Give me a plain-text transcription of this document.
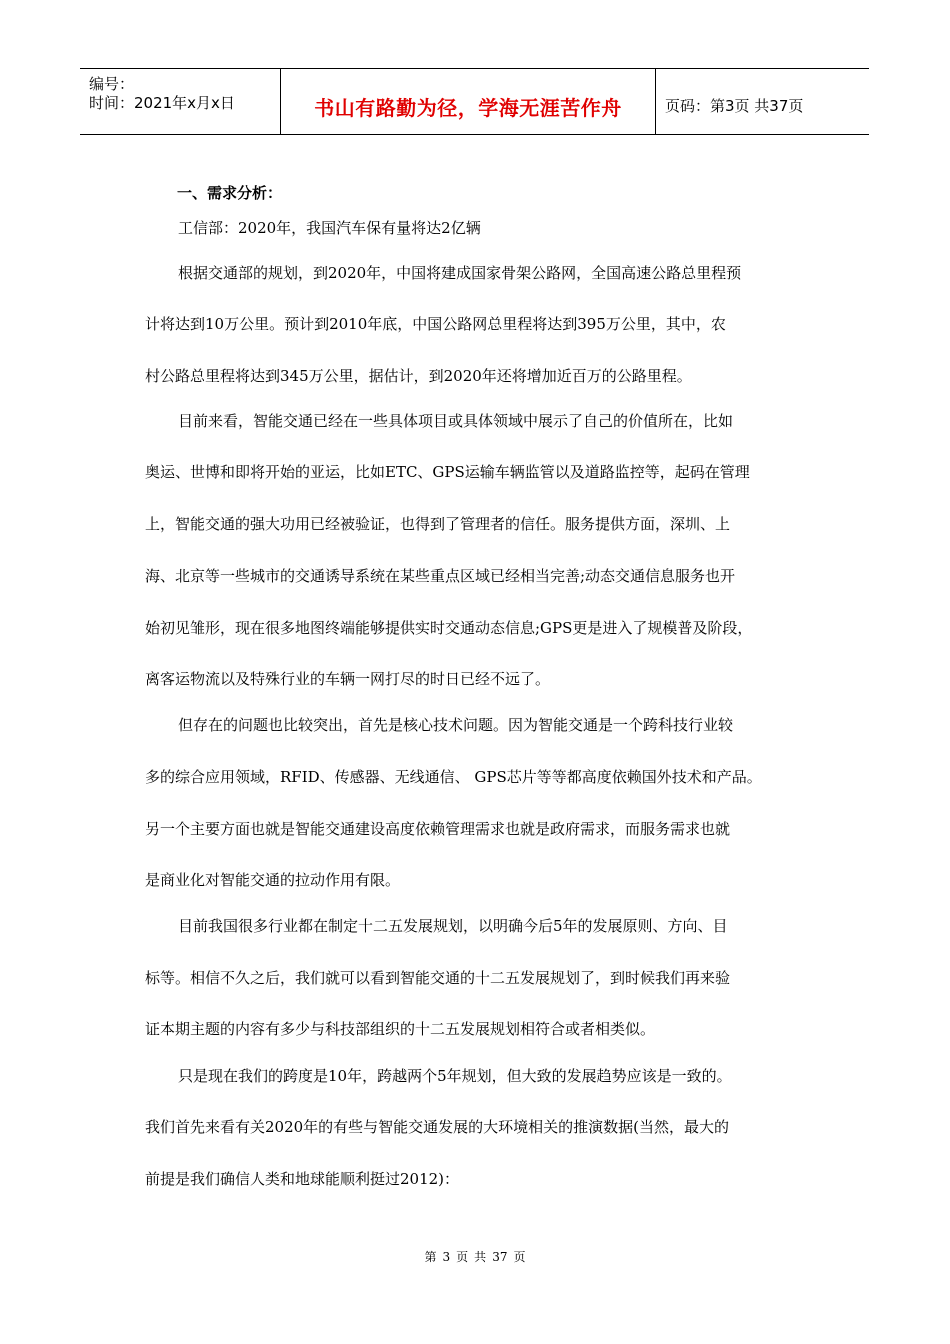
编号：
时间：2021年x月x日	书山有路勤为径，学海无涯苦作舟	页码：第3页 共37页
一、需求分析：
工信部：2020年，我国汽车保有量将达2亿辆
根据交通部的规划，到2020年，中国将建成国家骨架公路网，全国高速公路总里程预
计将达到10万公里。预计到2010年底，中国公路网总里程将达到395万公里，其中，农
村公路总里程将达到345万公里，据估计，到2020年还将增加近百万的公路里程。
目前来看，智能交通已经在一些具体项目或具体领域中展示了自己的价值所在，比如
奥运、世博和即将开始的亚运，比如ETC、GPS运输车辆监管以及道路监控等，起码在管理
上，智能交通的强大功用已经被验证，也得到了管理者的信任。服务提供方面，深圳、上
海、北京等一些城市的交通诱导系统在某些重点区域已经相当完善;动态交通信息服务也开
始初见雏形，现在很多地图终端能够提供实时交通动态信息;GPS更是进入了规模普及阶段，
离客运物流以及特殊行业的车辆一网打尽的时日已经不远了。
但存在的问题也比较突出，首先是核心技术问题。因为智能交通是一个跨科技行业较
多的综合应用领域，RFID、传感器、无线通信、 GPS芯片等等都高度依赖国外技术和产品。
另一个主要方面也就是智能交通建设高度依赖管理需求也就是政府需求，而服务需求也就
是商业化对智能交通的拉动作用有限。
目前我国很多行业都在制定十二五发展规划，以明确今后5年的发展原则、方向、目
标等。相信不久之后，我们就可以看到智能交通的十二五发展规划了，到时候我们再来验
证本期主题的内容有多少与科技部组织的十二五发展规划相符合或者相类似。
只是现在我们的跨度是10年，跨越两个5年规划，但大致的发展趋势应该是一致的。
我们首先来看有关2020年的有些与智能交通发展的大环境相关的推演数据(当然，最大的
前提是我们确信人类和地球能顺利挺过2012)：
第 3 页 共 37 页
